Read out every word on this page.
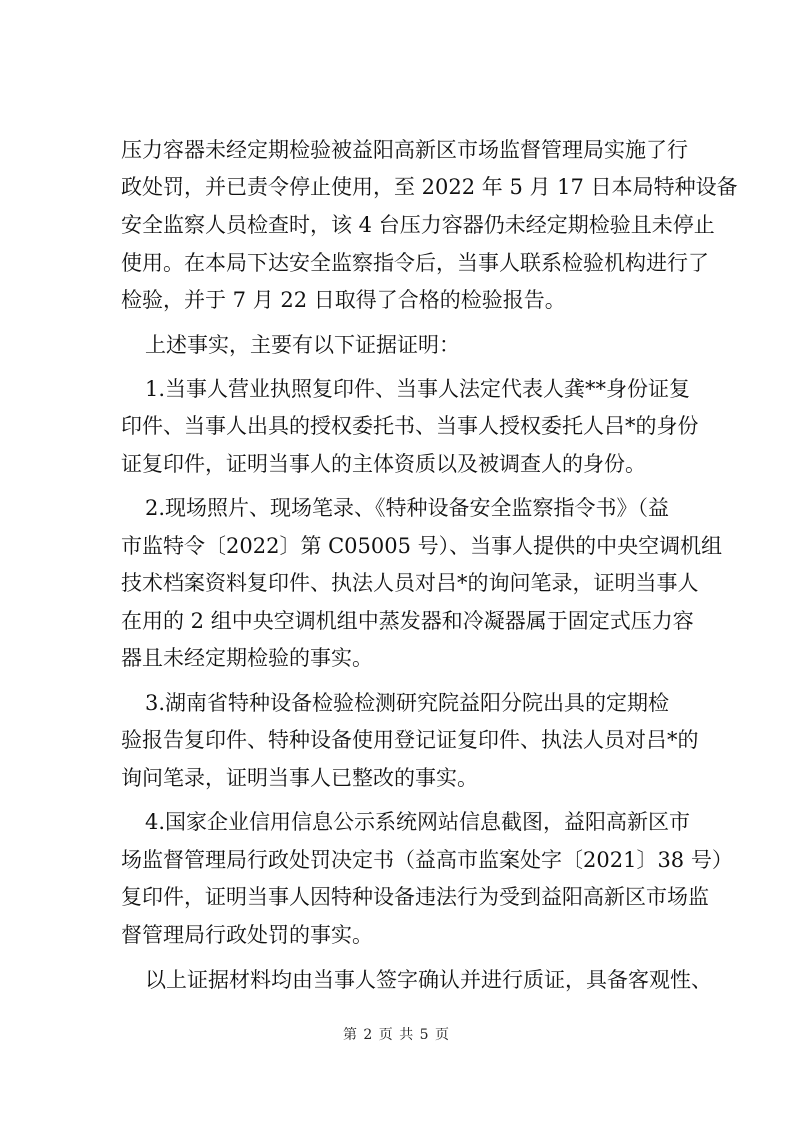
压力容器未经定期检验被益阳高新区市场监督管理局实施了行
政处罚，并已责令停止使用，至 2022 年 5 月 17 日本局特种设备
安全监察人员检查时，该 4 台压力容器仍未经定期检验且未停止
使用。在本局下达安全监察指令后，当事人联系检验机构进行了
检验，并于 7 月 22 日取得了合格的检验报告。
上述事实，主要有以下证据证明：
1.当事人营业执照复印件、当事人法定代表人龚**身份证复
印件、当事人出具的授权委托书、当事人授权委托人吕*的身份
证复印件，证明当事人的主体资质以及被调查人的身份。
2.现场照片、现场笔录、《特种设备安全监察指令书》（益
市监特令〔2022〕第 C05005 号）、当事人提供的中央空调机组
技术档案资料复印件、执法人员对吕*的询问笔录，证明当事人
在用的 2 组中央空调机组中蒸发器和冷凝器属于固定式压力容
器且未经定期检验的事实。
3.湖南省特种设备检验检测研究院益阳分院出具的定期检
验报告复印件、特种设备使用登记证复印件、执法人员对吕*的
询问笔录，证明当事人已整改的事实。
4.国家企业信用信息公示系统网站信息截图，益阳高新区市
场监督管理局行政处罚决定书（益高市监案处字〔2021〕38 号）
复印件，证明当事人因特种设备违法行为受到益阳高新区市场监
督管理局行政处罚的事实。
以上证据材料均由当事人签字确认并进行质证，具备客观性、
第 2 页 共 5 页
